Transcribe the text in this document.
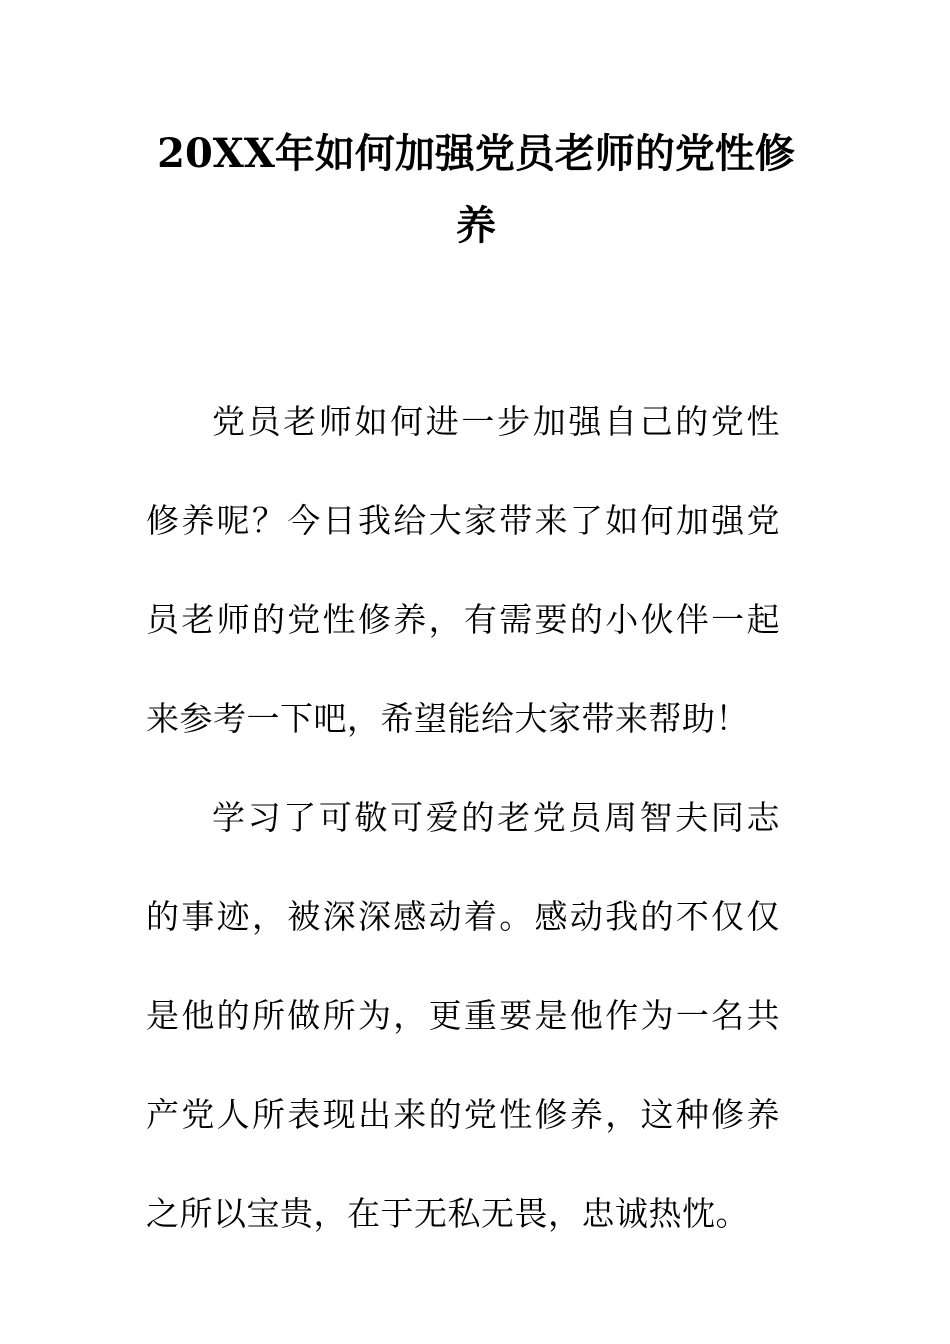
20XX年如何加强党员老师的党性修养

党员老师如何进一步加强自己的党性修养呢？今日我给大家带来了如何加强党员老师的党性修养，有需要的小伙伴一起来参考一下吧，希望能给大家带来帮助！

学习了可敬可爱的老党员周智夫同志的事迹，被深深感动着。感动我的不仅仅是他的所做所为，更重要是他作为一名共产党人所表现出来的党性修养，这种修养之所以宝贵，在于无私无畏，忠诚热忱。
